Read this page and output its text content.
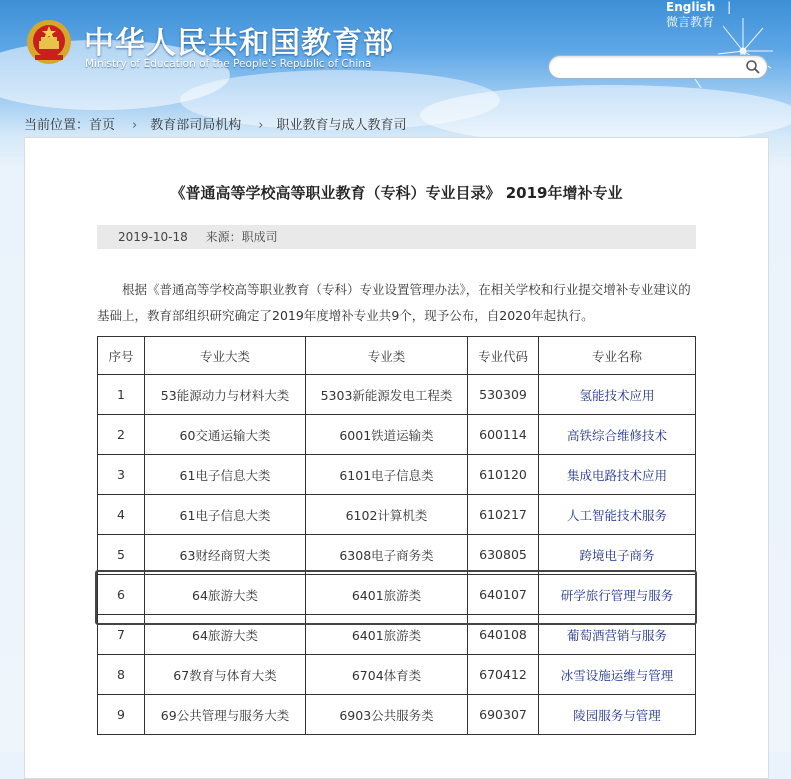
中华人民共和国教育部
Ministry of Education of the People's Republic of China
English |
微言教育
当前位置：首页 › 教育部司局机构 › 职业教育与成人教育司
《普通高等学校高等职业教育（专科）专业目录》 2019年增补专业
2019-10-18 来源：职成司
根据《普通高等学校高等职业教育（专科）专业设置管理办法》，在相关学校和行业提交增补专业建议的基础上，教育部组织研究确定了2019年度增补专业共9个，现予公布，自2020年起执行。
序号	专业大类	专业类	专业代码	专业名称
1	53能源动力与材料大类	5303新能源发电工程类	530309	氢能技术应用
2	60交通运输大类	6001铁道运输类	600114	高铁综合维修技术
3	61电子信息大类	6101电子信息类	610120	集成电路技术应用
4	61电子信息大类	6102计算机类	610217	人工智能技术服务
5	63财经商贸大类	6308电子商务类	630805	跨境电子商务
6	64旅游大类	6401旅游类	640107	研学旅行管理与服务
7	64旅游大类	6401旅游类	640108	葡萄酒营销与服务
8	67教育与体育大类	6704体育类	670412	冰雪设施运维与管理
9	69公共管理与服务大类	6903公共服务类	690307	陵园服务与管理
